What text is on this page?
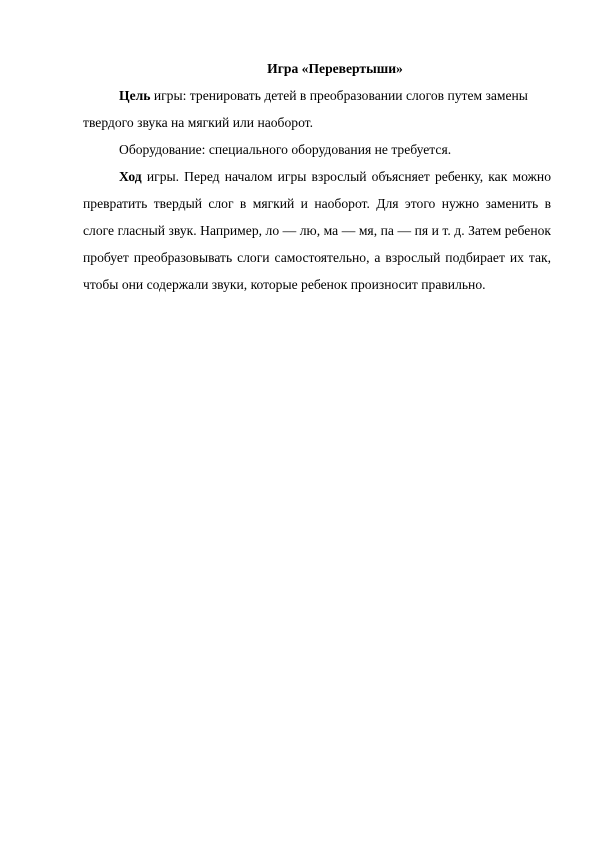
Игра «Перевертыши»

Цель игры: тренировать детей в преобразовании слогов путем замены твердого звука на мягкий или наоборот.

Оборудование: специального оборудования не требуется.

Ход игры. Перед началом игры взрослый объясняет ребенку, как можно превратить твердый слог в мягкий и наоборот. Для этого нужно заменить в слоге гласный звук. Например, ло — лю, ма — мя, па — пя и т. д. Затем ребенок пробует преобразовывать слоги самостоятельно, а взрослый подбирает их так, чтобы они содержали звуки, которые ребенок произносит правильно.
